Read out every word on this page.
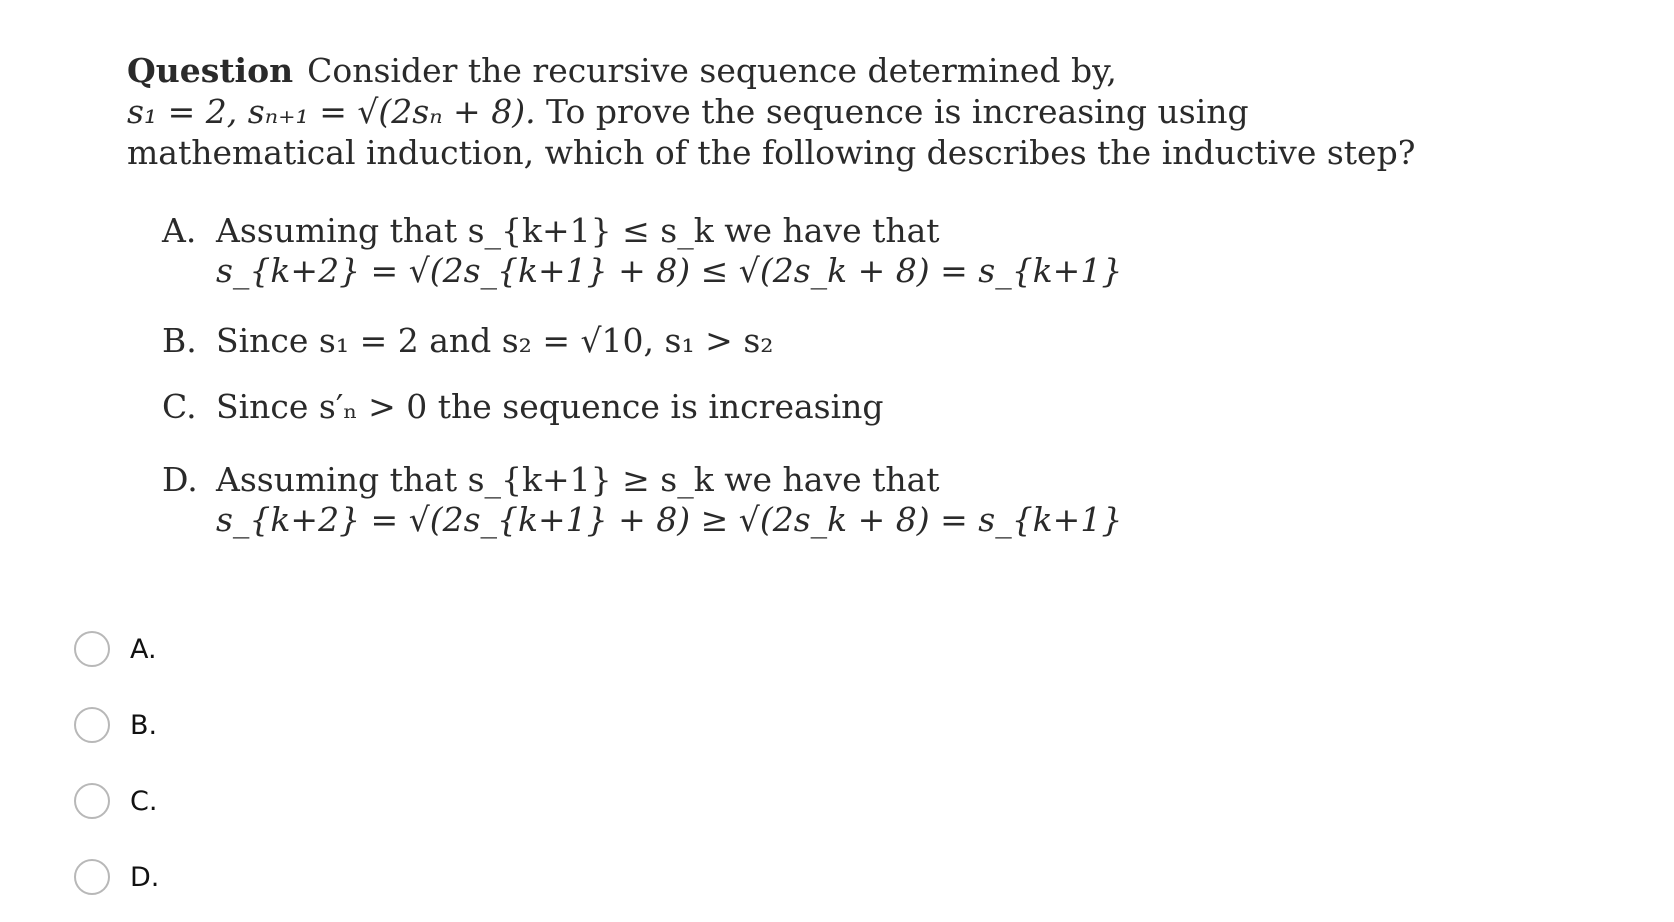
Question Consider the recursive sequence determined by,
s₁ = 2, sₙ₊₁ = √(2sₙ + 8). To prove the sequence is increasing using
mathematical induction, which of the following describes the inductive step?
A. Assuming that s_{k+1} ≤ s_k we have that
s_{k+2} = √(2s_{k+1} + 8) ≤ √(2s_k + 8) = s_{k+1}
B. Since s₁ = 2 and s₂ = √10, s₁ > s₂
C. Since s′ₙ > 0 the sequence is increasing
D. Assuming that s_{k+1} ≥ s_k we have that
s_{k+2} = √(2s_{k+1} + 8) ≥ √(2s_k + 8) = s_{k+1}
A.
B.
C.
D.
